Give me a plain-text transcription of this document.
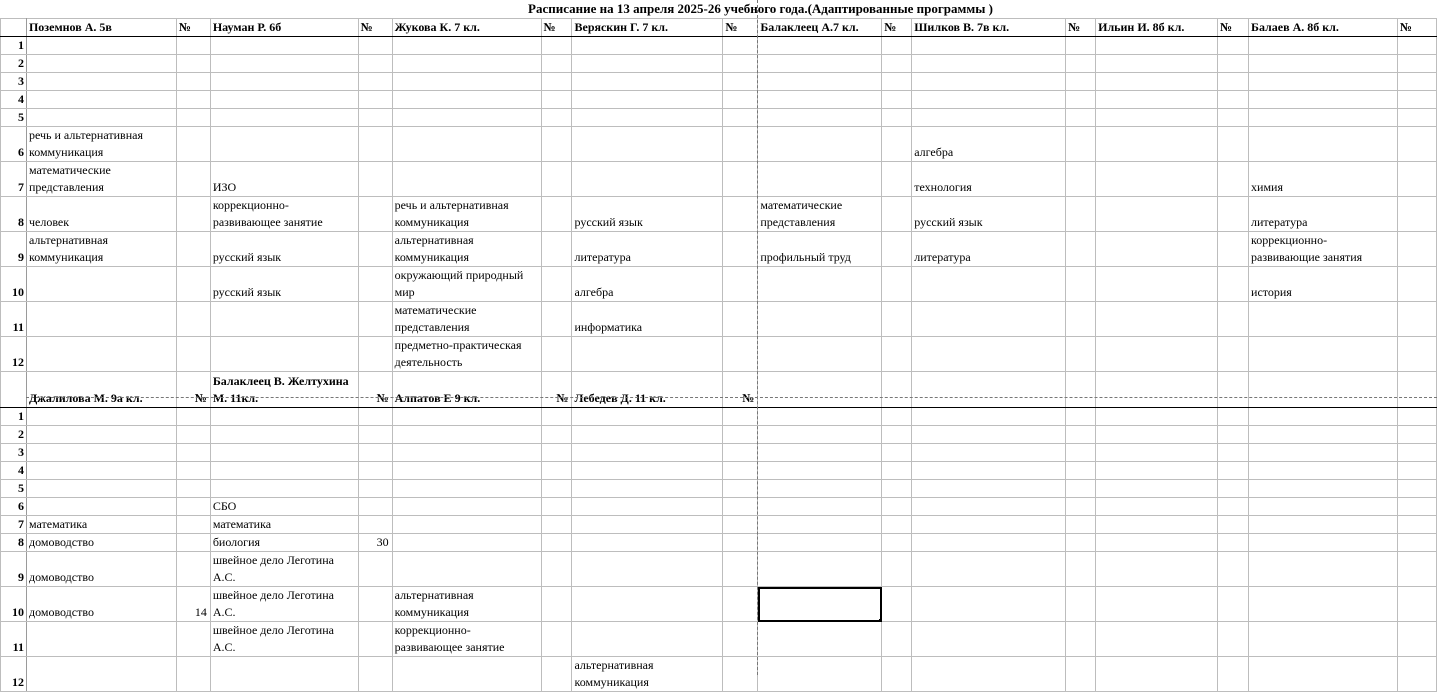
Расписание на 13 апреля 2025-26 учебного года.(Адаптированные программы )
	Поземнов А. 5в	№	Науман Р. 6б	№	Жукова К. 7 кл.	№	Веряскин Г. 7 кл.	№	Балаклеец А.7 кл.	№	Шилков В. 7в кл.	№	Ильин И. 8б кл.	№	Балаев А. 8б кл.	№
1																
2																
3																
4																
5																
6	речь и альтернативная коммуникация										алгебра					
7	математические представления		ИЗО								технология				химия	
8	человек		коррекционно-развивающее занятие		речь и альтернативная коммуникация		русский язык		математические представления		русский язык				литература	
9	альтернативная коммуникация		русский язык		альтернативная коммуникация		литература		профильный труд		литература				коррекционно-развивающие занятия	
10			русский язык		окружающий природный мир		алгебра								история	
11					математические представления		информатика									
12					предметно-практическая деятельность											
	Джалилова М. 9а кл.	№	Балаклеец В. Желтухина М. 11кл.	№	Алпатов Е 9 кл.	№	Лебедев Д. 11 кл.	№								
1																
2																
3																
4																
5																
6			СБО													
7	математика		математика													
8	домоводство		биология	30												
9	домоводство		швейное дело Леготина А.С.													
10	домоводство	14	швейное дело Леготина А.С.		альтернативная коммуникация											
11			швейное дело Леготина А.С.		коррекционно-развивающее занятие											
12							альтернативная коммуникация									
